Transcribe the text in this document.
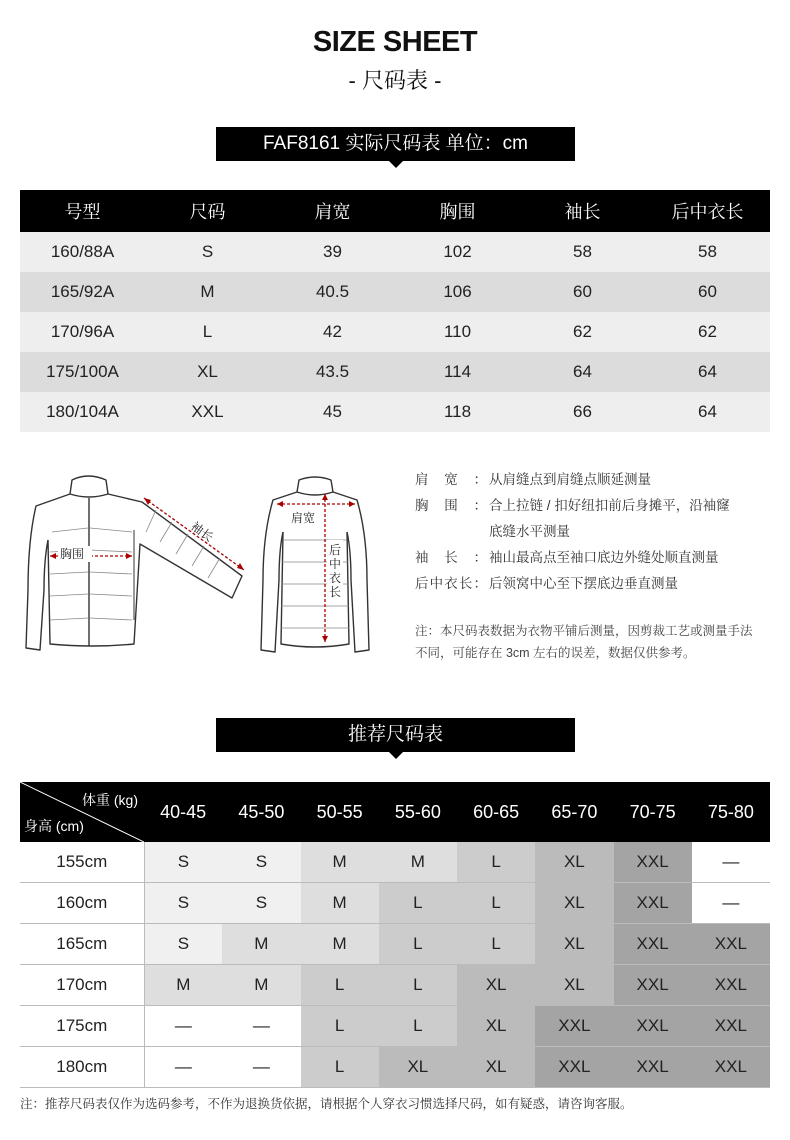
SIZE SHEET
- 尺码表 -
FAF8161 实际尺码表 单位：cm
号型	尺码	肩宽	胸围	袖长	后中衣长
160/88A	S	39	102	58	58
165/92A	M	40.5	106	60	60
170/96A	L	42	110	62	62
175/100A	XL	43.5	114	64	64
180/104A	XXL	45	118	66	64
胸围
袖长
肩宽
后中衣长
肩宽： 从肩缝点到肩缝点顺延测量
胸围： 合上拉链 / 扣好纽扣前后身摊平，沿袖窿
底缝水平测量
袖长： 袖山最高点至袖口底边外缝处顺直测量
后中衣长： 后领窝中心至下摆底边垂直测量
注：本尺码表数据为衣物平铺后测量，因剪裁工艺或测量手法不同，可能存在 3cm 左右的误差，数据仅供参考。
推荐尺码表
体重 (kg)
身高 (cm)	40-45	45-50	50-55	55-60	60-65	65-70	70-75	75-80
155cm	S	S	M	M	L	XL	XXL	—
160cm	S	S	M	L	L	XL	XXL	—
165cm	S	M	M	L	L	XL	XXL	XXL
170cm	M	M	L	L	XL	XL	XXL	XXL
175cm	—	—	L	L	XL	XXL	XXL	XXL
180cm	—	—	L	XL	XL	XXL	XXL	XXL
注：推荐尺码表仅作为选码参考，不作为退换货依据，请根据个人穿衣习惯选择尺码，如有疑惑，请咨询客服。
